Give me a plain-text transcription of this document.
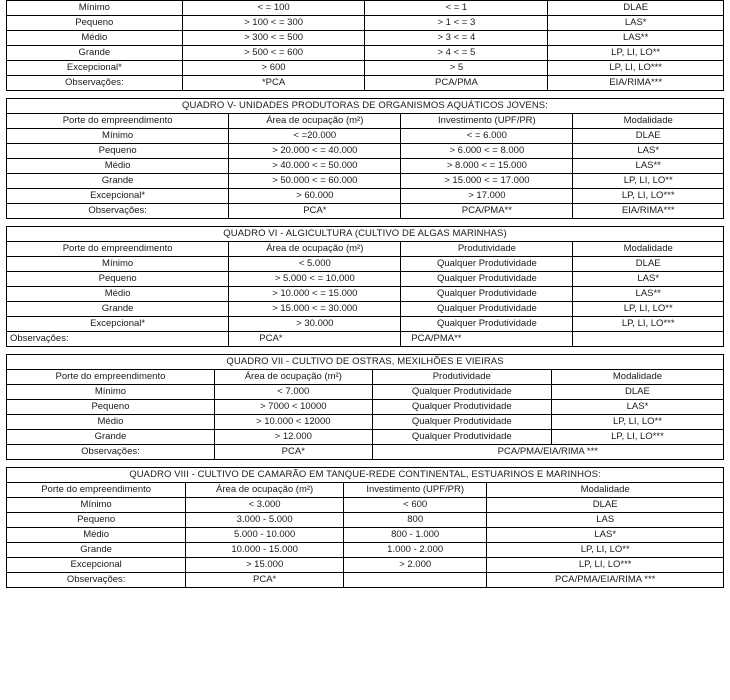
Mínimo	< = 100	< = 1	DLAE
Pequeno	> 100 < = 300	> 1 < = 3	LAS*
Médio	> 300 < = 500	> 3 < = 4	LAS**
Grande	> 500 < = 600	> 4 < = 5	LP, LI, LO**
Excepcional*	> 600	> 5	LP, LI, LO***
Observações:	*PCA	PCA/PMA	EIA/RIMA***
QUADRO V- UNIDADES PRODUTORAS DE ORGANISMOS AQUÁTICOS JOVENS:			
Porte do empreendimento	Área de ocupação (m²)	Investimento (UPF/PR)	Modalidade
Mínimo	< =20.000	< = 6.000	DLAE
Pequeno	> 20.000 < = 40.000	> 6.000 < = 8.000	LAS*
Médio	> 40.000 < = 50.000	> 8.000 < = 15.000	LAS**
Grande	> 50.000 < = 60.000	> 15.000 < = 17.000	LP, LI, LO**
Excepcional*	> 60.000	> 17.000	LP, LI, LO***
Observações:	PCA*	PCA/PMA**	EIA/RIMA***
QUADRO VI - ALGICULTURA (CULTIVO DE ALGAS MARINHAS)			
Porte do empreendimento	Área de ocupação (m²)	Produtividade	Modalidade
Mínimo	< 5.000	Qualquer Produtividade	DLAE
Pequeno	> 5.000 < = 10.000	Qualquer Produtividade	LAS*
Médio	> 10.000 < = 15.000	Qualquer Produtividade	LAS**
Grande	> 15.000 < = 30.000	Qualquer Produtividade	LP, LI, LO**
Excepcional*	> 30.000	Qualquer Produtividade	LP, LI, LO***
Observações:	PCA*	PCA/PMA**	
QUADRO VII - CULTIVO DE OSTRAS, MEXILHÕES E VIEIRAS			
Porte do empreendimento	Área de ocupação (m²)	Produtividade	Modalidade
Mínimo	< 7.000	Qualquer Produtividade	DLAE
Pequeno	> 7000 < 10000	Qualquer Produtividade	LAS*
Médio	> 10.000 < 12000	Qualquer Produtividade	LP, LI, LO**
Grande	> 12.000	Qualquer Produtividade	LP, LI, LO***
Observações:	PCA*	PCA/PMA/EIA/RIMA ***	
QUADRO VIII - CULTIVO DE CAMARÃO EM TANQUE-REDE CONTINENTAL, ESTUARINOS E MARINHOS:			
Porte do empreendimento	Área de ocupação (m²)	Investimento (UPF/PR)	Modalidade
Mínimo	< 3.000	< 600	DLAE
Pequeno	3.000 - 5.000	800	LAS
Médio	5.000 - 10.000	800 - 1.000	LAS*
Grande	10.000 - 15.000	1.000 - 2.000	LP, LI, LO**
Excepcional	> 15.000	> 2.000	LP, LI, LO***
Observações:	PCA*		PCA/PMA/EIA/RIMA ***
